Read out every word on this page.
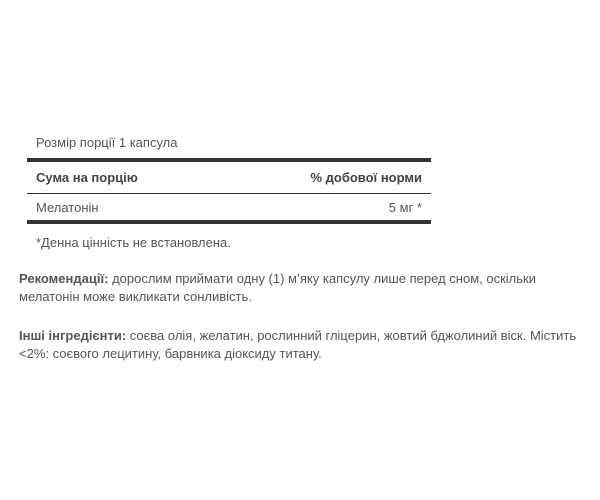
Розмір порції 1 капсула
Сума на порцію	% добової норми
Мелатонін	5 мг *
*Денна цінність не встановлена.
Рекомендації: дорослим приймати одну (1) м’яку капсулу лише перед сном, оскільки мелатонін може викликати сонливість.
Інші інгредієнти: соєва олія, желатин, рослинний гліцерин, жовтий бджолиний віск. Містить <2%: соєвого лецитину, барвника діоксиду титану.
